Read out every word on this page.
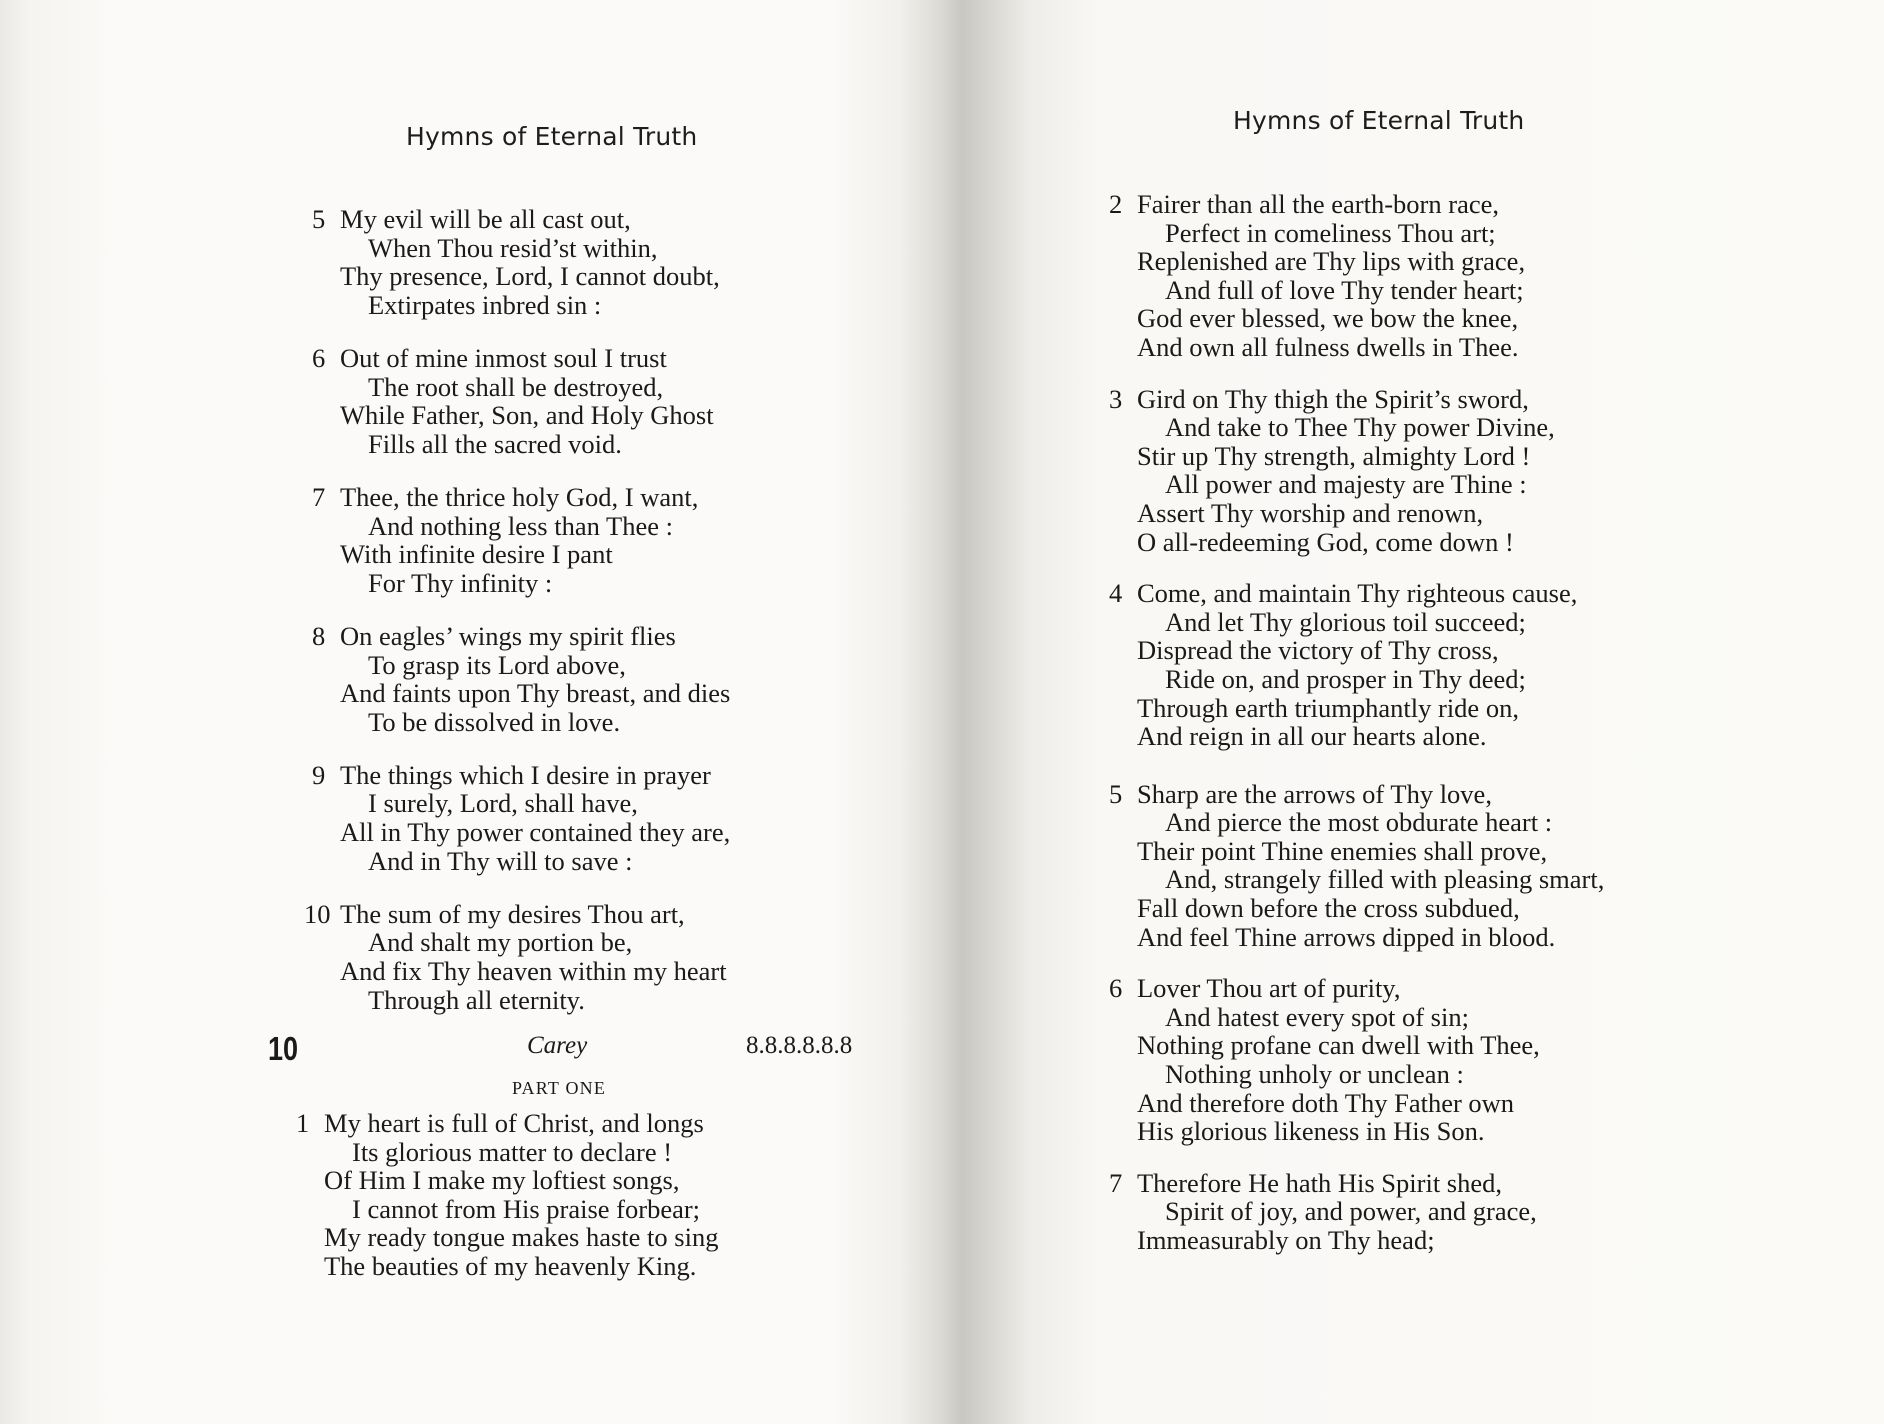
Hymns of Eternal Truth
5 My evil will be all cast out,
When Thou resid’st within,
Thy presence, Lord, I cannot doubt,
Extirpates inbred sin :
6 Out of mine inmost soul I trust
The root shall be destroyed,
While Father, Son, and Holy Ghost
Fills all the sacred void.
7 Thee, the thrice holy God, I want,
And nothing less than Thee :
With infinite desire I pant
For Thy infinity :
8 On eagles’ wings my spirit flies
To grasp its Lord above,
And faints upon Thy breast, and dies
To be dissolved in love.
9 The things which I desire in prayer
I surely, Lord, shall have,
All in Thy power contained they are,
And in Thy will to save :
10 The sum of my desires Thou art,
And shalt my portion be,
And fix Thy heaven within my heart
Through all eternity.
10	Carey	8.8.8.8.8.8
PART ONE
1 My heart is full of Christ, and longs
Its glorious matter to declare !
Of Him I make my loftiest songs,
I cannot from His praise forbear;
My ready tongue makes haste to sing
The beauties of my heavenly King.
Hymns of Eternal Truth
2 Fairer than all the earth-born race,
Perfect in comeliness Thou art;
Replenished are Thy lips with grace,
And full of love Thy tender heart;
God ever blessed, we bow the knee,
And own all fulness dwells in Thee.
3 Gird on Thy thigh the Spirit’s sword,
And take to Thee Thy power Divine,
Stir up Thy strength, almighty Lord !
All power and majesty are Thine :
Assert Thy worship and renown,
O all-redeeming God, come down !
4 Come, and maintain Thy righteous cause,
And let Thy glorious toil succeed;
Dispread the victory of Thy cross,
Ride on, and prosper in Thy deed;
Through earth triumphantly ride on,
And reign in all our hearts alone.
5 Sharp are the arrows of Thy love,
And pierce the most obdurate heart :
Their point Thine enemies shall prove,
And, strangely filled with pleasing smart,
Fall down before the cross subdued,
And feel Thine arrows dipped in blood.
6 Lover Thou art of purity,
And hatest every spot of sin;
Nothing profane can dwell with Thee,
Nothing unholy or unclean :
And therefore doth Thy Father own
His glorious likeness in His Son.
7 Therefore He hath His Spirit shed,
Spirit of joy, and power, and grace,
Immeasurably on Thy head;
